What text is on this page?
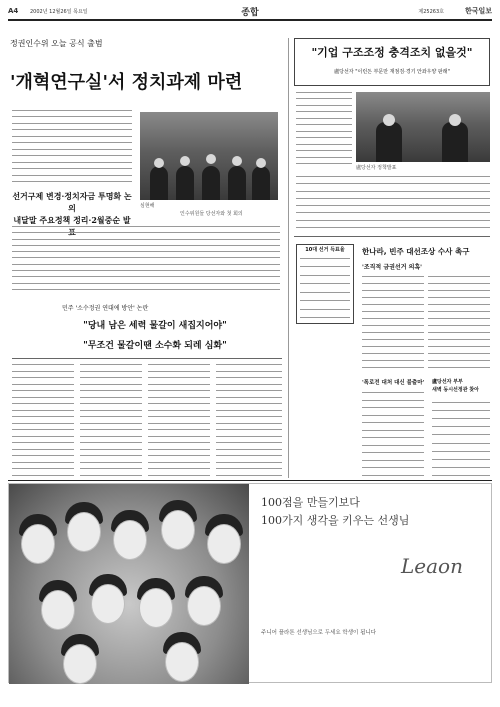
A4 2002년 12월26일 목요일	종합	제25263호	한국일보
정권인수위 오늘 공식 출범
'개혁연구실'서 정치과제 마련
심현해
인수위원들 당선자와 첫 회의
선거구제 변경·정치자금 투명화 논의
내달말 주요정책 정리·2월중순 발
민주 '소수정권 연대에 방안' 논란
"당내 남은 세력 물갈이 새집지어야"
"무조건 물갈이땐 소수화 되레 심화"
"기업 구조조정 충격조치 없을것"
盧당선자 "이런든 부문만 재점검·경기 안좌우양 판래"
盧당선자 정책발표
10대 선거 득표율	한나라, 빈주 대선조상 수사 촉구
'조직적 금권선거 의혹'
'폭로전 대처 대신 불출마'	盧당선자 부부
새벽 동시선정관 찾아
100점을 만들기보다
100가지 생각을 키우는 선생님
Leaon
주니어 플라톤 선생님으로 두세요 학생이 됩니다
